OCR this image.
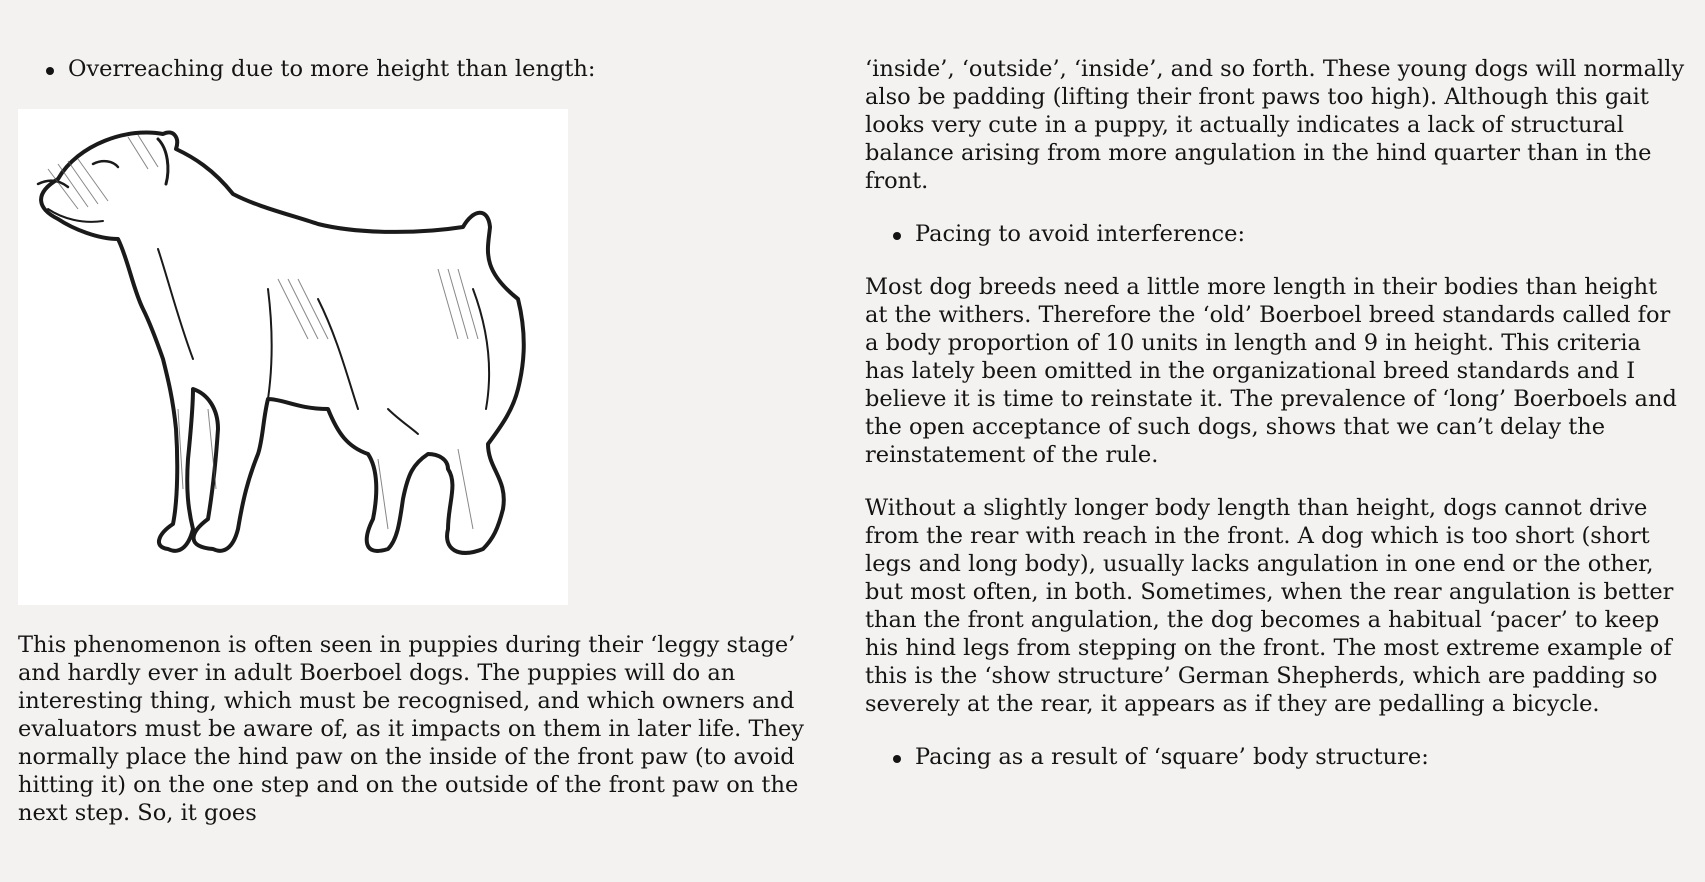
Overreaching due to more height than length:

This phenomenon is often seen in puppies during their ‘leggy stage’ and hardly ever in adult Boerboel dogs. The puppies will do an interesting thing, which must be recognised, and which owners and evaluators must be aware of, as it impacts on them in later life. They normally place the hind paw on the inside of the front paw (to avoid hitting it) on the one step and on the outside of the front paw on the next step. So, it goes

‘inside’, ‘outside’, ‘inside’, and so forth. These young dogs will normally also be padding (lifting their front paws too high). Although this gait looks very cute in a puppy, it actually indicates a lack of structural balance arising from more angulation in the hind quarter than in the front.

Pacing to avoid interference:

Most dog breeds need a little more length in their bodies than height at the withers. Therefore the ‘old’ Boerboel breed standards called for a body proportion of 10 units in length and 9 in height. This criteria has lately been omitted in the organizational breed standards and I believe it is time to reinstate it. The prevalence of ‘long’ Boerboels and the open acceptance of such dogs, shows that we can’t delay the reinstatement of the rule.

Without a slightly longer body length than height, dogs cannot drive from the rear with reach in the front. A dog which is too short (short legs and long body), usually lacks angulation in one end or the other, but most often, in both. Sometimes, when the rear angulation is better than the front angulation, the dog becomes a habitual ‘pacer’ to keep his hind legs from stepping on the front. The most extreme example of this is the ‘show structure’ German Shepherds, which are padding so severely at the rear, it appears as if they are pedalling a bicycle.

Pacing as a result of ‘square’ body structure:
